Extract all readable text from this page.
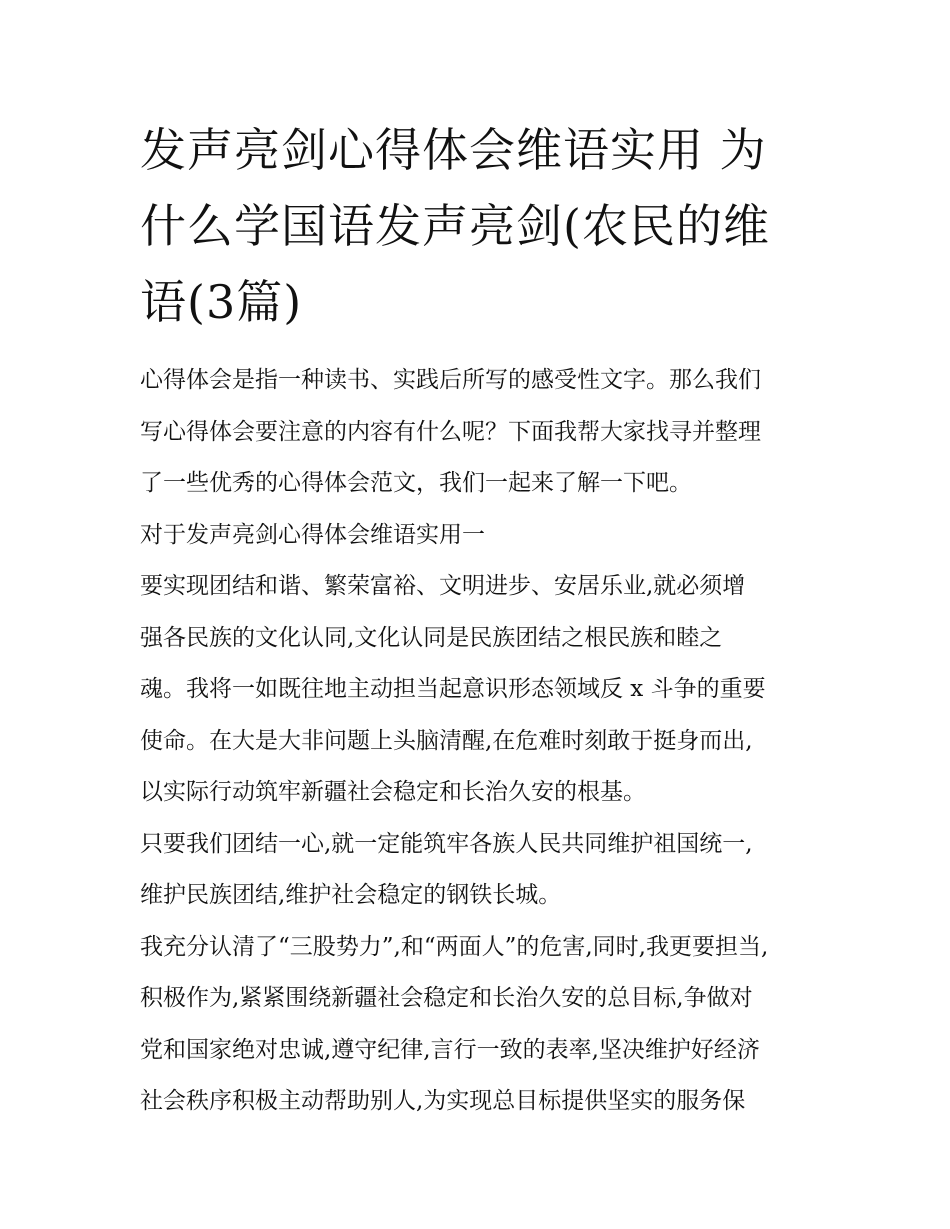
发声亮剑心得体会维语实用 为
什么学国语发声亮剑(农民的维
语(3篇)

心得体会是指一种读书、实践后所写的感受性文字。那么我们
写心得体会要注意的内容有什么呢？下面我帮大家找寻并整理
了一些优秀的心得体会范文，我们一起来了解一下吧。

对于发声亮剑心得体会维语实用一

要实现团结和谐、繁荣富裕、文明进步、安居乐业,就必须增
强各民族的文化认同,文化认同是民族团结之根民族和睦之
魂。我将一如既往地主动担当起意识形态领域反 x 斗争的重要
使命。在大是大非问题上头脑清醒,在危难时刻敢于挺身而出,
以实际行动筑牢新疆社会稳定和长治久安的根基。

只要我们团结一心,就一定能筑牢各族人民共同维护祖国统一,
维护民族团结,维护社会稳定的钢铁长城。

我充分认清了“三股势力”,和“两面人”的危害,同时,我更要担当,
积极作为,紧紧围绕新疆社会稳定和长治久安的总目标,争做对
党和国家绝对忠诚,遵守纪律,言行一致的表率,坚决维护好经济
社会秩序积极主动帮助别人,为实现总目标提供坚实的服务保
